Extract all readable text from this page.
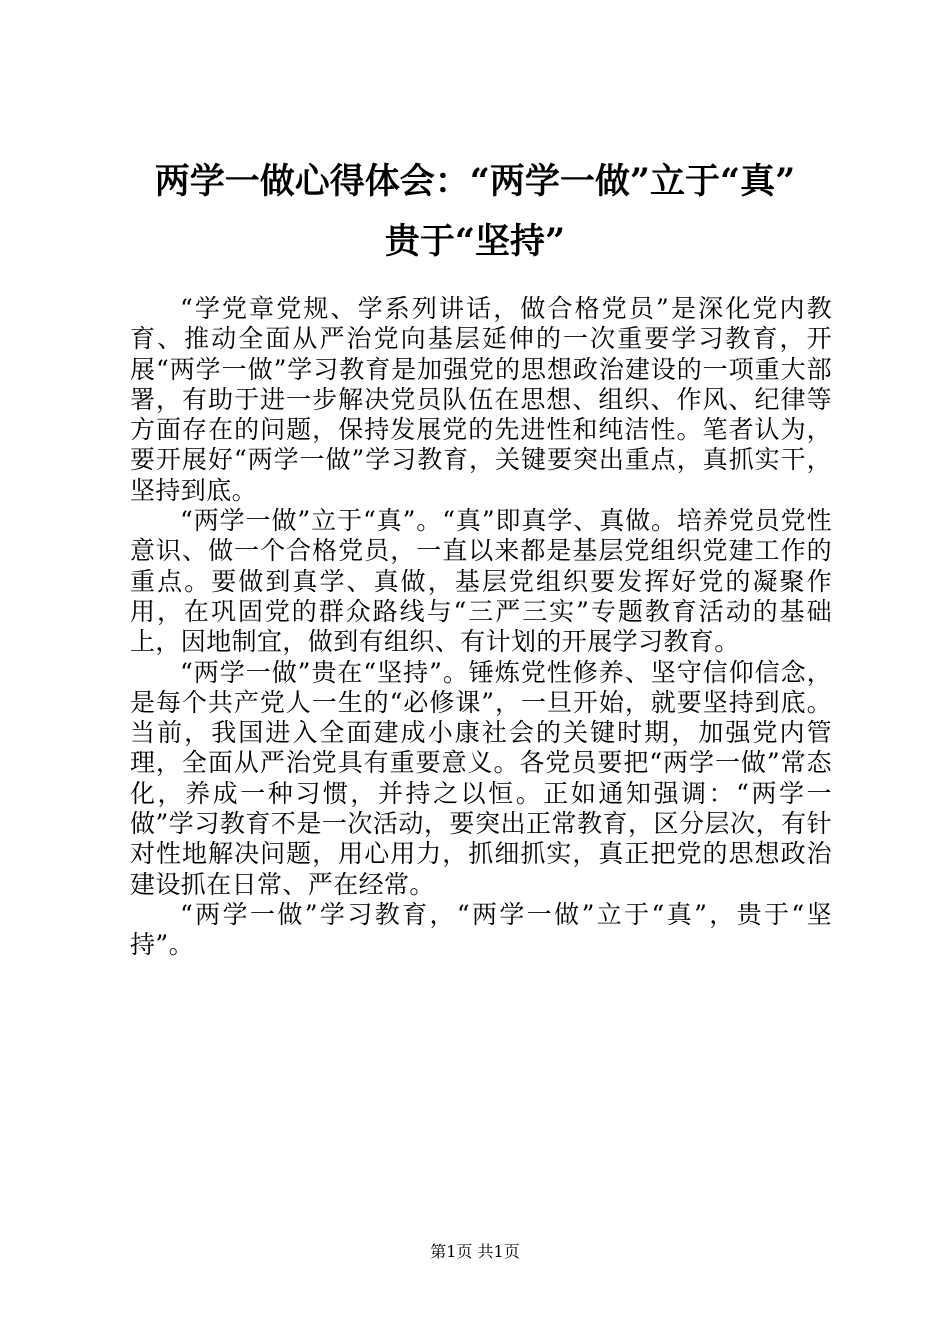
两学一做心得体会：“两学一做”立于“真”
贵于“坚持”

“学党章党规、学系列讲话，做合格党员”是深化党内教育、推动全面从严治党向基层延伸的一次重要学习教育，开展“两学一做”学习教育是加强党的思想政治建设的一项重大部署，有助于进一步解决党员队伍在思想、组织、作风、纪律等方面存在的问题，保持发展党的先进性和纯洁性。笔者认为，要开展好“两学一做”学习教育，关键要突出重点，真抓实干，坚持到底。

“两学一做”立于“真”。“真”即真学、真做。培养党员党性意识、做一个合格党员，一直以来都是基层党组织党建工作的重点。要做到真学、真做，基层党组织要发挥好党的凝聚作用，在巩固党的群众路线与“三严三实”专题教育活动的基础上，因地制宜，做到有组织、有计划的开展学习教育。

“两学一做”贵在“坚持”。锤炼党性修养、坚守信仰信念，是每个共产党人一生的“必修课”，一旦开始，就要坚持到底。当前，我国进入全面建成小康社会的关键时期，加强党内管理，全面从严治党具有重要意义。各党员要把“两学一做”常态化，养成一种习惯，并持之以恒。正如通知强调：“两学一做”学习教育不是一次活动，要突出正常教育，区分层次，有针对性地解决问题，用心用力，抓细抓实，真正把党的思想政治建设抓在日常、严在经常。

“两学一做”学习教育，“两学一做”立于“真”，贵于“坚持”。

第1页 共1页
